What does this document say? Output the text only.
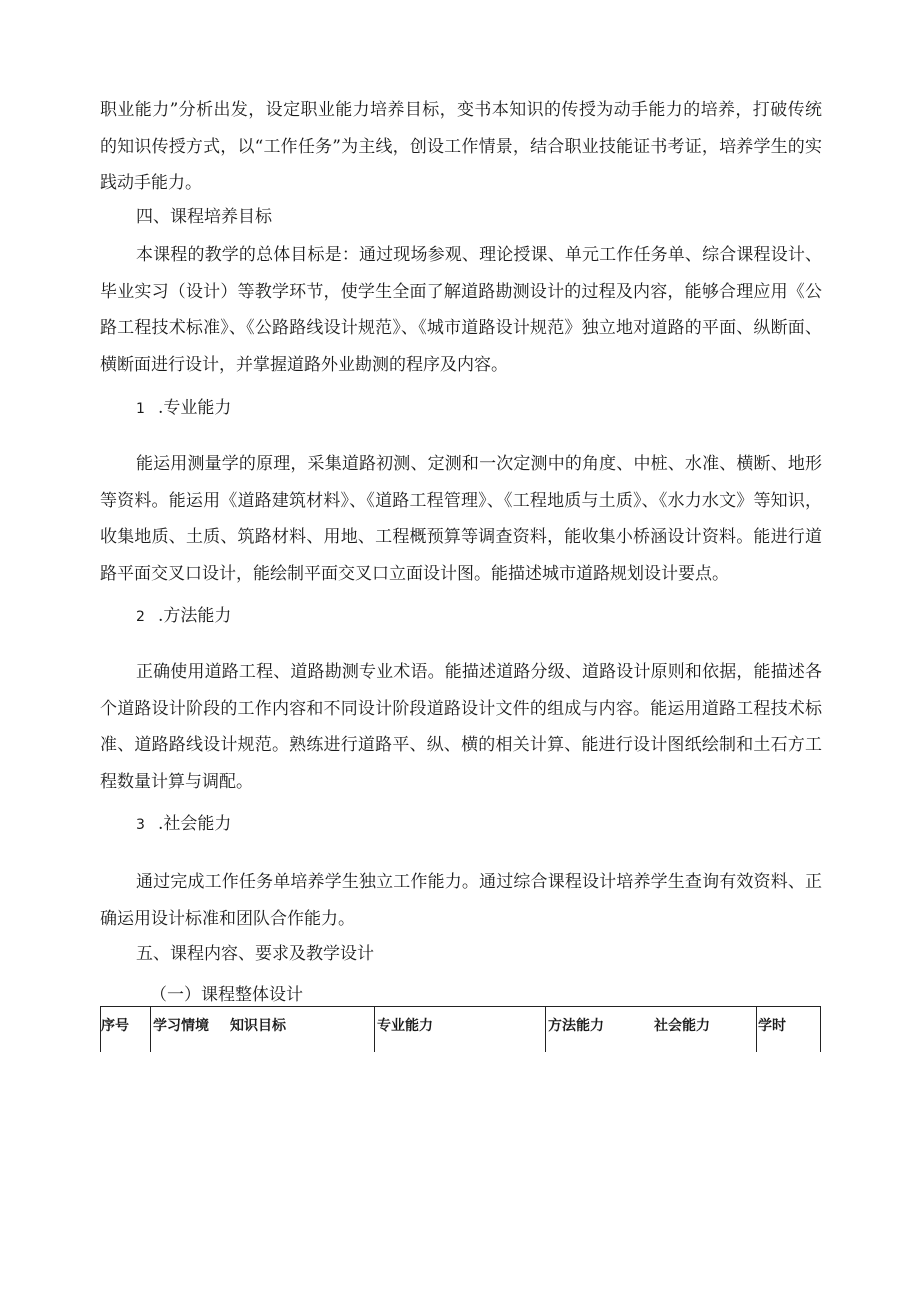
职业能力”分析出发，设定职业能力培养目标，变书本知识的传授为动手能力的培养，打破传统的知识传授方式，以“工作任务”为主线，创设工作情景，结合职业技能证书考证，培养学生的实践动手能力。

四、课程培养目标

本课程的教学的总体目标是：通过现场参观、理论授课、单元工作任务单、综合课程设计、毕业实习（设计）等教学环节，使学生全面了解道路勘测设计的过程及内容，能够合理应用《公路工程技术标准》、《公路路线设计规范》、《城市道路设计规范》独立地对道路的平面、纵断面、横断面进行设计，并掌握道路外业勘测的程序及内容。

1 .专业能力

能运用测量学的原理，采集道路初测、定测和一次定测中的角度、中桩、水准、横断、地形等资料。能运用《道路建筑材料》、《道路工程管理》、《工程地质与土质》、《水力水文》等知识，收集地质、土质、筑路材料、用地、工程概预算等调查资料，能收集小桥涵设计资料。能进行道路平面交叉口设计，能绘制平面交叉口立面设计图。能描述城市道路规划设计要点。

2 .方法能力

正确使用道路工程、道路勘测专业术语。能描述道路分级、道路设计原则和依据，能描述各个道路设计阶段的工作内容和不同设计阶段道路设计文件的组成与内容。能运用道路工程技术标准、道路路线设计规范。熟练进行道路平、纵、横的相关计算、能进行设计图纸绘制和土石方工程数量计算与调配。

3 .社会能力

通过完成工作任务单培养学生独立工作能力。通过综合课程设计培养学生查询有效资料、正确运用设计标准和团队合作能力。

五、课程内容、要求及教学设计

（一）课程整体设计

序号 学习情境 知识目标	专业能力	方法能力	社会能力	学时
